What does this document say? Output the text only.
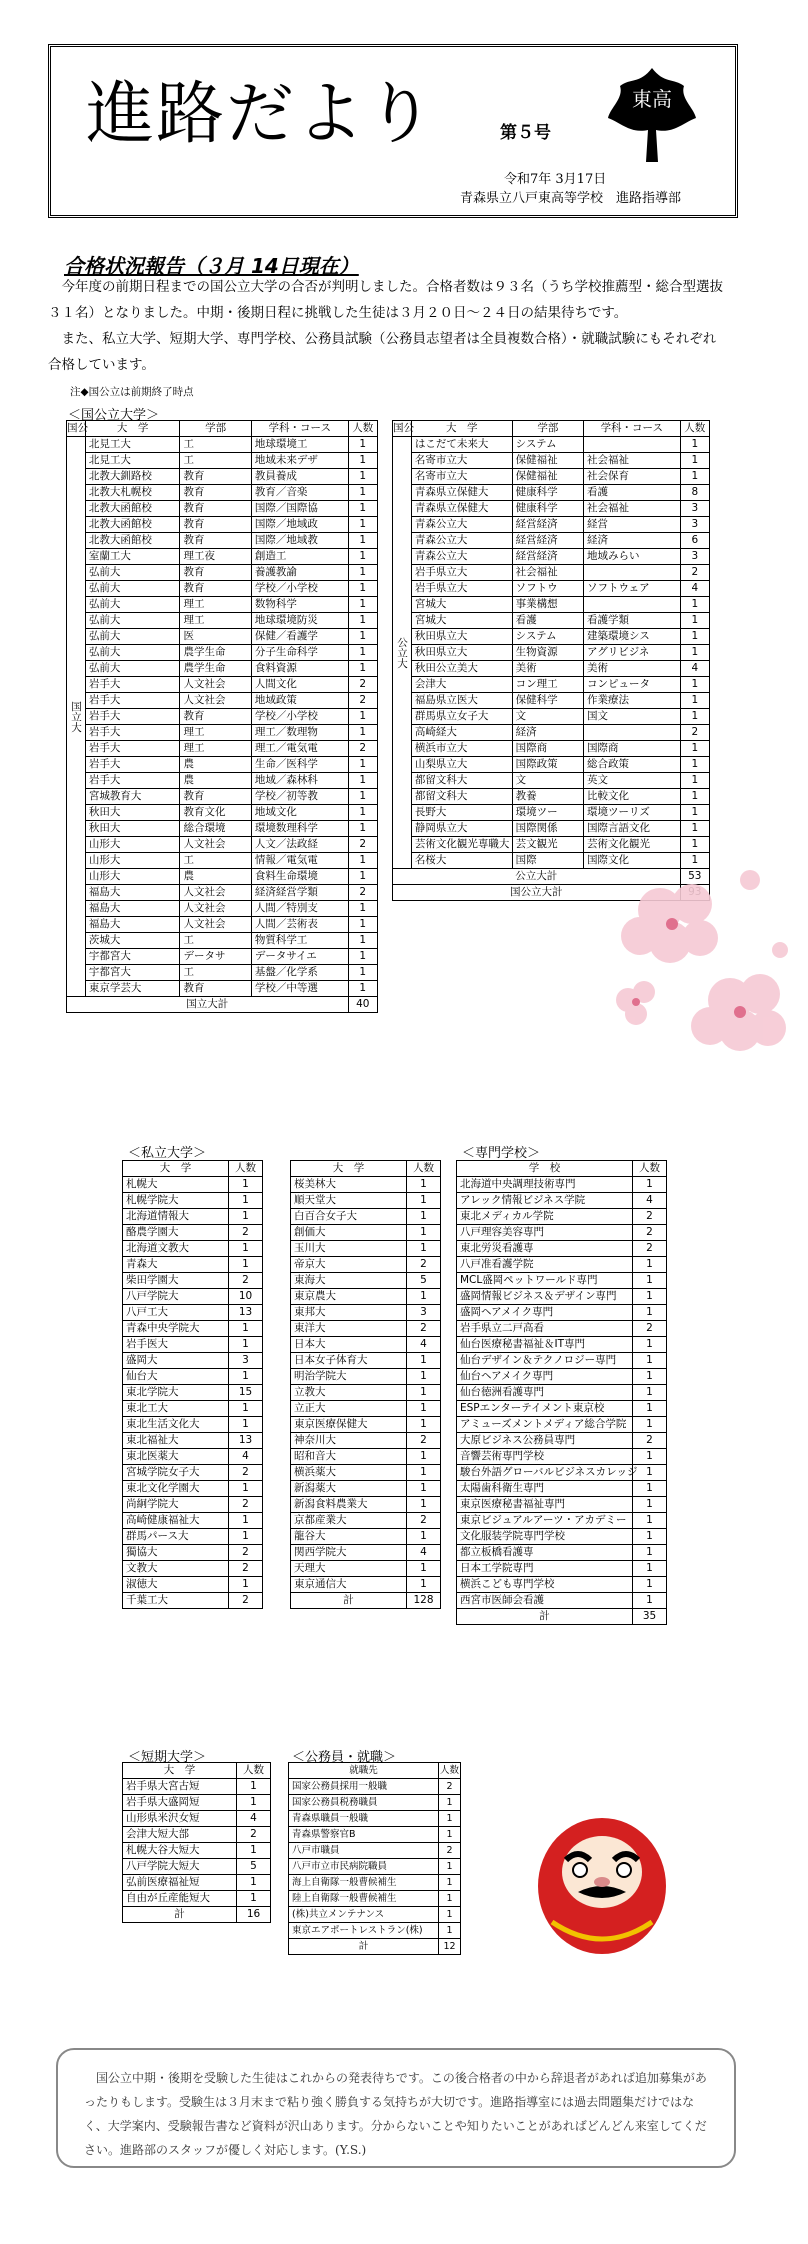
進路だより	第５号
東高
令和7年 3月17日
青森県立八戸東高等学校　進路指導部
合格状況報告（３月 14日現在）

今年度の前期日程までの国公立大学の合否が判明しました。合格者数は９３名（うち学校推薦型・総合型選抜３１名）となりました。中期・後期日程に挑戦した生徒は３月２０日～２４日の結果待ちです。

また、私立大学、短期大学、専門学校、公務員試験（公務員志望者は全員複数合格）・就職試験にもそれぞれ合格しています。

注◆国公立は前期終了時点
＜国公立大学＞
国公	大　学	学部	学科・コース	人数
国立大	北見工大	工	地球環境工	1
	北見工大	工	地域未来デザ	1
	北教大釧路校	教育	教員養成	1
	北教大札幌校	教育	教育／音楽	1
	北教大函館校	教育	国際／国際協	1
	北教大函館校	教育	国際／地域政	1
	北教大函館校	教育	国際／地域教	1
	室蘭工大	理工夜	創造工	1
	弘前大	教育	養護教諭	1
	弘前大	教育	学校／小学校	1
	弘前大	理工	数物科学	1
	弘前大	理工	地球環境防災	1
	弘前大	医	保健／看護学	1
	弘前大	農学生命	分子生命科学	1
	弘前大	農学生命	食料資源	1
	岩手大	人文社会	人間文化	2
	岩手大	人文社会	地域政策	2
	岩手大	教育	学校／小学校	1
	岩手大	理工	理工／数理物	1
	岩手大	理工	理工／電気電	2
	岩手大	農	生命／医科学	1
	岩手大	農	地域／森林科	1
	宮城教育大	教育	学校／初等教	1
	秋田大	教育文化	地域文化	1
	秋田大	総合環境	環境数理科学	1
	山形大	人文社会	人文／法政経	2
	山形大	工	情報／電気電	1
	山形大	農	食料生命環境	1
	福島大	人文社会	経済経営学類	2
	福島大	人文社会	人間／特別支	1
	福島大	人文社会	人間／芸術表	1
	茨城大	工	物質科学工	1
	宇都宮大	データサ	データサイエ	1
	宇都宮大	工	基盤／化学系	1
	東京学芸大	教育	学校／中等選	1
国立大計				40
国公	大　学	学部	学科・コース	人数
公立大	はこだて未来大	システム		1
	名寄市立大	保健福祉	社会福祉	1
	名寄市立大	保健福祉	社会保育	1
	青森県立保健大	健康科学	看護	8
	青森県立保健大	健康科学	社会福祉	3
	青森公立大	経営経済	経営	3
	青森公立大	経営経済	経済	6
	青森公立大	経営経済	地域みらい	3
	岩手県立大	社会福祉		2
	岩手県立大	ソフトウ	ソフトウェア	4
	宮城大	事業構想		1
	宮城大	看護	看護学類	1
	秋田県立大	システム	建築環境シス	1
	秋田県立大	生物資源	アグリビジネ	1
	秋田公立美大	美術	美術	4
	会津大	コン理工	コンピュータ	1
	福島県立医大	保健科学	作業療法	1
	群馬県立女子大	文	国文	1
	高崎経大	経済		2
	横浜市立大	国際商	国際商	1
	山梨県立大	国際政策	総合政策	1
	都留文科大	文	英文	1
	都留文科大	教養	比較文化	1
	長野大	環境ツー	環境ツーリズ	1
	静岡県立大	国際関係	国際言語文化	1
	芸術文化観光専職大	芸文観光	芸術文化観光	1
	名桜大	国際	国際文化	1
公立大計				53
国公立大計	
＜私立大学＞
大　学	人数
札幌大	1
札幌学院大	1
北海道情報大	1
酪農学園大	2
北海道文教大	1
青森大	1
柴田学園大	2
八戸学院大	10
八戸工大	13
青森中央学院大	1
岩手医大	1
盛岡大	3
仙台大	1
東北学院大	15
東北工大	1
東北生活文化大	1
東北福祉大	13
東北医薬大	4
宮城学院女子大	2
東北文化学園大	1
尚絅学院大	2
高崎健康福祉大	1
群馬パース大	1
獨協大	2
文教大	2
淑徳大	1
千葉工大	2
大　学	人数
桜美林大	1
順天堂大	1
白百合女子大	1
創価大	1
玉川大	1
帝京大	2
東海大	5
東京農大	1
東邦大	3
東洋大	2
日本大	4
日本女子体育大	1
明治学院大	1
立教大	1
立正大	1
東京医療保健大	1
神奈川大	2
昭和音大	1
横浜薬大	1
新潟薬大	1
新潟食料農業大	1
京都産業大	2
龍谷大	1
関西学院大	4
天理大	1
東京通信大	1
計	128
＜専門学校＞
学　校	人数
北海道中央調理技術専門	1
アレック情報ビジネス学院	4
東北メディカル学院	2
八戸理容美容専門	2
東北労災看護専	2
八戸准看護学院	1
MCL盛岡ペットワールド専門	1
盛岡情報ビジネス＆デザイン専門	1
盛岡ヘアメイク専門	1
岩手県立二戸高看	2
仙台医療秘書福祉＆IT専門	1
仙台デザイン＆テクノロジー専門	1
仙台ヘアメイク専門	1
仙台徳洲看護専門	1
ESPエンターテイメント東京校	1
アミューズメントメディア総合学院	1
大原ビジネス公務員専門	2
音響芸術専門学校	1
駿台外語グローバルビジネスカレッジ	1
太陽歯科衛生専門	1
東京医療秘書福祉専門	1
東京ビジュアルアーツ・アカデミー	1
文化服装学院専門学校	1
都立板橋看護専	1
日本工学院専門	1
横浜こども専門学校	1
西宮市医師会看護	1
計	35
＜短期大学＞
大　学	人数
岩手県大宮古短	1
岩手県大盛岡短	1
山形県米沢女短	4
会津大短大部	2
札幌大谷大短大	1
八戸学院大短大	5
弘前医療福祉短	1
自由が丘産能短大	1
計	16
＜公務員・就職＞
就職先	人数
国家公務員採用一般職	2
国家公務員税務職員	1
青森県職員一般職	1
青森県警察官B	1
八戸市職員	2
八戸市立市民病院職員	1
海上自衛隊一般曹候補生	1
陸上自衛隊一般曹候補生	1
(株)共立メンテナンス	1
東京エアポートレストラン(株)	1
計	12
国公立中期・後期を受験した生徒はこれからの発表待ちです。この後合格者の中から辞退者があれば追加募集があったりもします。受験生は３月末まで粘り強く勝負する気持ちが大切です。進路指導室には過去問題集だけではなく、大学案内、受験報告書など資料が沢山あります。分からないことや知りたいことがあればどんどん来室してください。進路部のスタッフが優しく対応します。(Y.S.)
